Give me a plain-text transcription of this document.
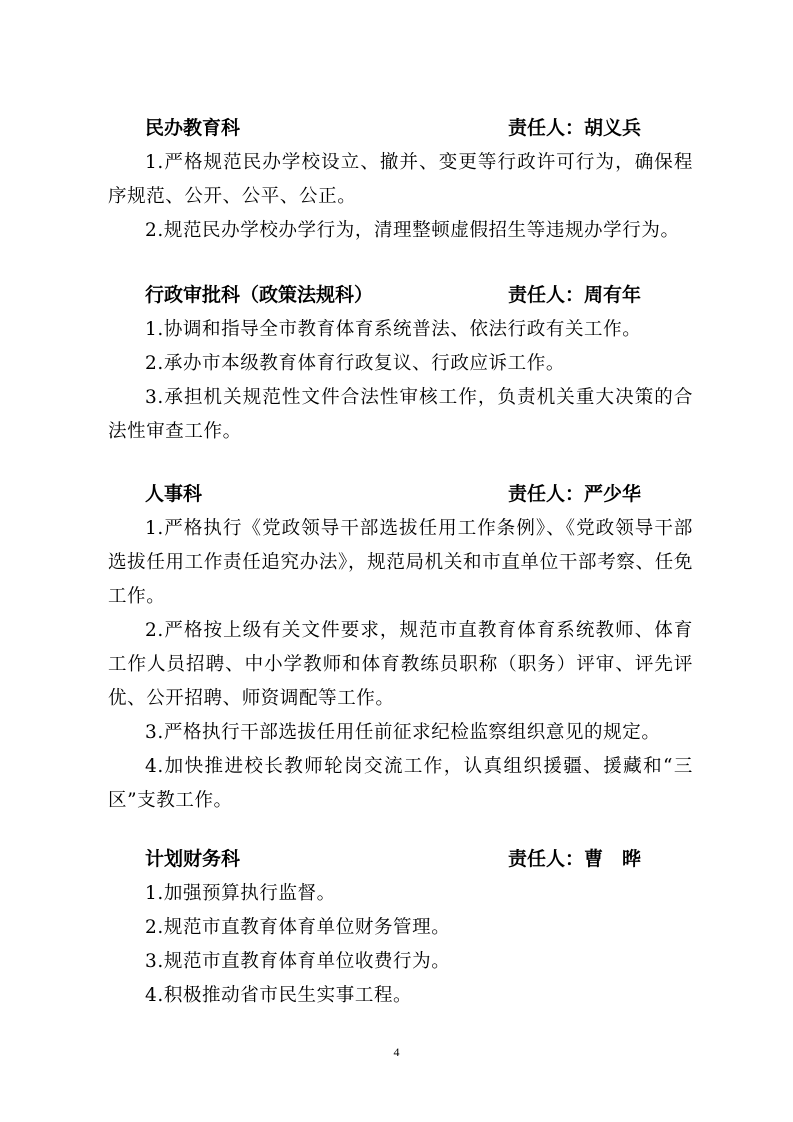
民办教育科	责任人：胡义兵

1.严格规范民办学校设立、撤并、变更等行政许可行为，确保程序规范、公开、公平、公正。

2.规范民办学校办学行为，清理整顿虚假招生等违规办学行为。

行政审批科（政策法规科）	责任人：周有年

1.协调和指导全市教育体育系统普法、依法行政有关工作。

2.承办市本级教育体育行政复议、行政应诉工作。

3.承担机关规范性文件合法性审核工作，负责机关重大决策的合法性审查工作。

人事科	责任人：严少华

1.严格执行《党政领导干部选拔任用工作条例》、《党政领导干部选拔任用工作责任追究办法》，规范局机关和市直单位干部考察、任免工作。

2.严格按上级有关文件要求，规范市直教育体育系统教师、体育工作人员招聘、中小学教师和体育教练员职称（职务）评审、评先评优、公开招聘、师资调配等工作。

3.严格执行干部选拔任用任前征求纪检监察组织意见的规定。

4.加快推进校长教师轮岗交流工作，认真组织援疆、援藏和“三区”支教工作。

计划财务科	责任人：曹　晔

1.加强预算执行监督。

2.规范市直教育体育单位财务管理。

3.规范市直教育体育单位收费行为。

4.积极推动省市民生实事工程。

4
